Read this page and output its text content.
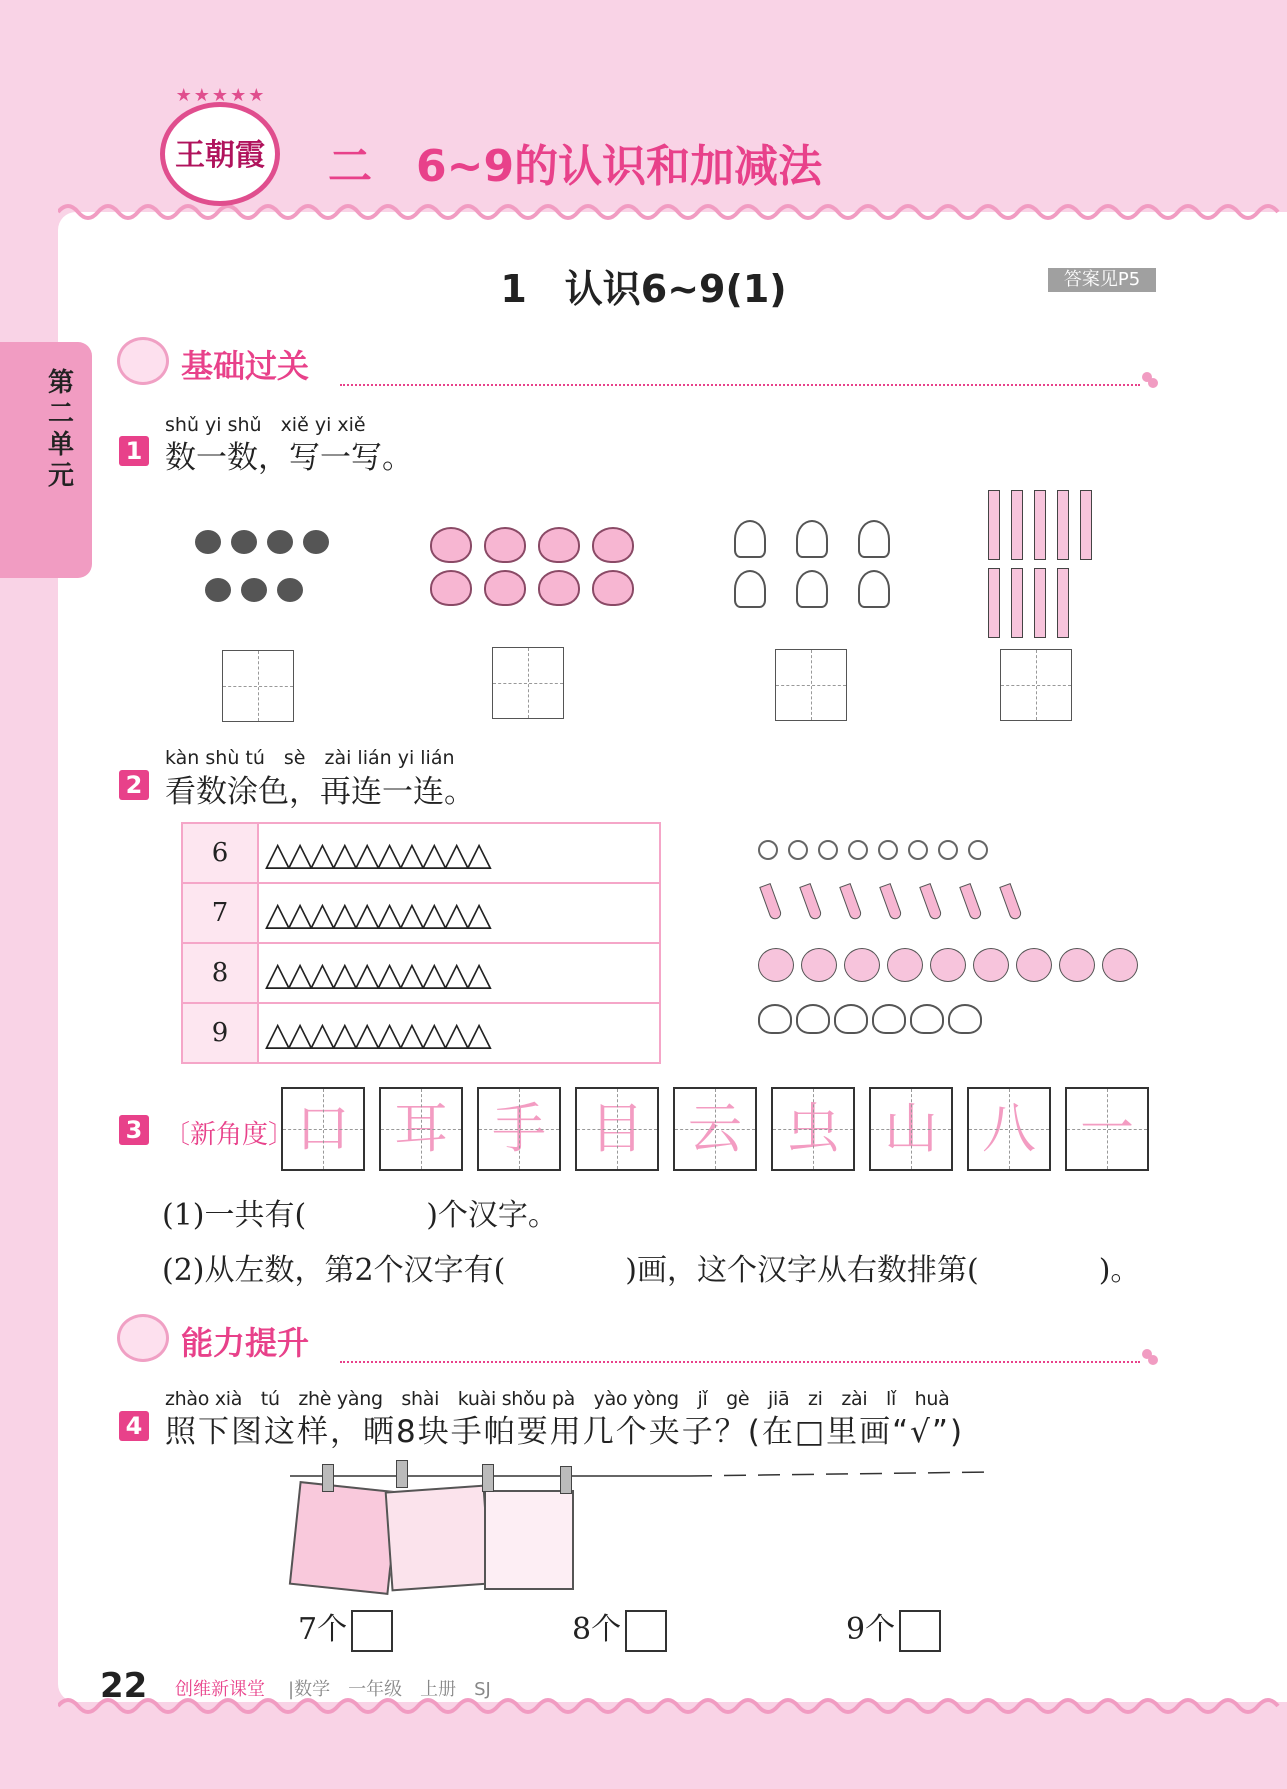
★★★★★
王朝霞 二　6~9的认识和加减法
第二单元
1　认识6~9(1)	答案见P5
基础过关
shǔ yi shǔ　xiě yi xiě
1 数一数，写一写。
kàn shù tú　sè　zài lián yi lián
2 看数涂色，再连一连。
6	△△△△△△△△△△
7	△△△△△△△△△△
8	△△△△△△△△△△
9	△△△△△△△△△△
3 〔新角度〕 口 耳 手 目 云 虫 山 八 一
(1)一共有(　　　　)个汉字。
(2)从左数，第2个汉字有(　　　　)画，这个汉字从右数排第(　　　　)。
能力提升
zhào xià　tú　zhè yàng　shài　kuài shǒu pà　yào yòng　jǐ　gè　jiā　zi　zài　lǐ　huà
4 照下图这样，晒8块手帕要用几个夹子？(在□里画“√”)
7个	8个	9个
22 创维新课堂 |数学　一年级　上册　SJ
